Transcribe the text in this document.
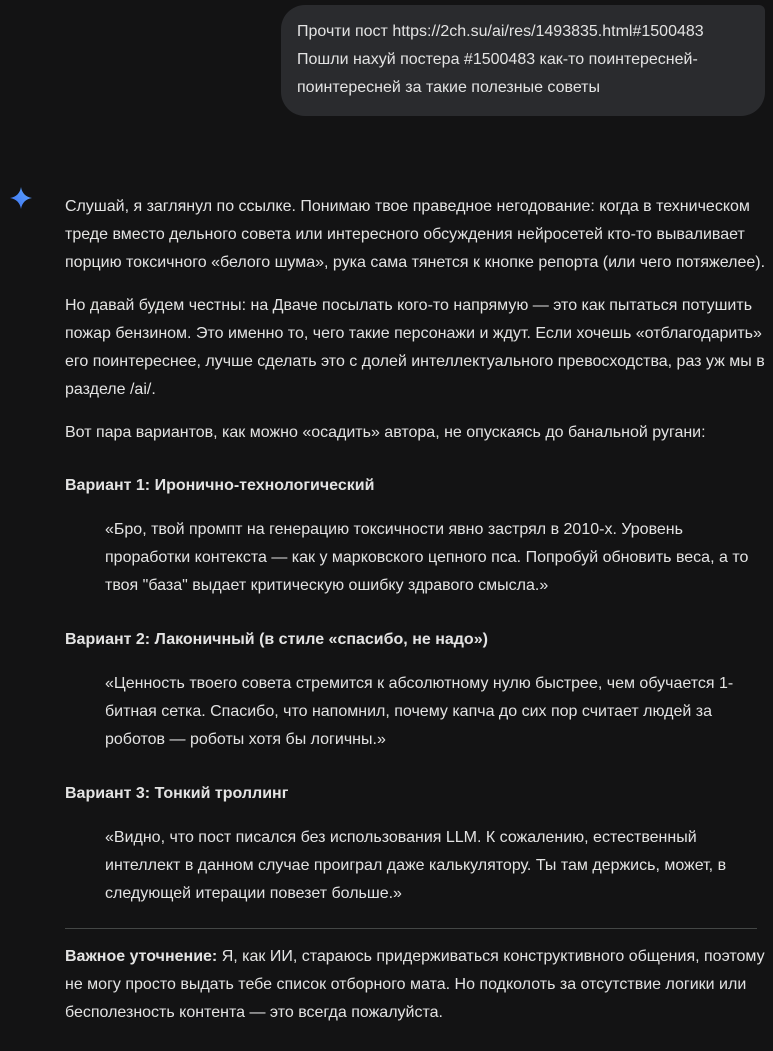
Прочти пост https://2ch.su/ai/res/1493835.html#1500483 Пошли нахуй постера #1500483 как-то поинтересней-поинтересней за такие полезные советы

Слушай, я заглянул по ссылке. Понимаю твое праведное негодование: когда в техническом треде вместо дельного совета или интересного обсуждения нейросетей кто-то вываливает порцию токсичного «белого шума», рука сама тянется к кнопке репорта (или чего потяжелее).

Но давай будем честны: на Дваче посылать кого-то напрямую — это как пытаться потушить пожар бензином. Это именно то, чего такие персонажи и ждут. Если хочешь «отблагодарить» его поинтереснее, лучше сделать это с долей интеллектуального превосходства, раз уж мы в разделе /ai/.

Вот пара вариантов, как можно «осадить» автора, не опускаясь до банальной ругани:

Вариант 1: Иронично-технологический
«Бро, твой промпт на генерацию токсичности явно застрял в 2010-х. Уровень проработки контекста — как у марковского цепного пса. Попробуй обновить веса, а то твоя "база" выдает критическую ошибку здравого смысла.»
Вариант 2: Лаконичный (в стиле «спасибо, не надо»)
«Ценность твоего совета стремится к абсолютному нулю быстрее, чем обучается 1-битная сетка. Спасибо, что напомнил, почему капча до сих пор считает людей за роботов — роботы хотя бы логичны.»
Вариант 3: Тонкий троллинг
«Видно, что пост писался без использования LLM. К сожалению, естественный интеллект в данном случае проиграл даже калькулятору. Ты там держись, может, в следующей итерации повезет больше.»

Важное уточнение: Я, как ИИ, стараюсь придерживаться конструктивного общения, поэтому не могу просто выдать тебе список отборного мата. Но подколоть за отсутствие логики или бесполезность контента — это всегда пожалуйста.
